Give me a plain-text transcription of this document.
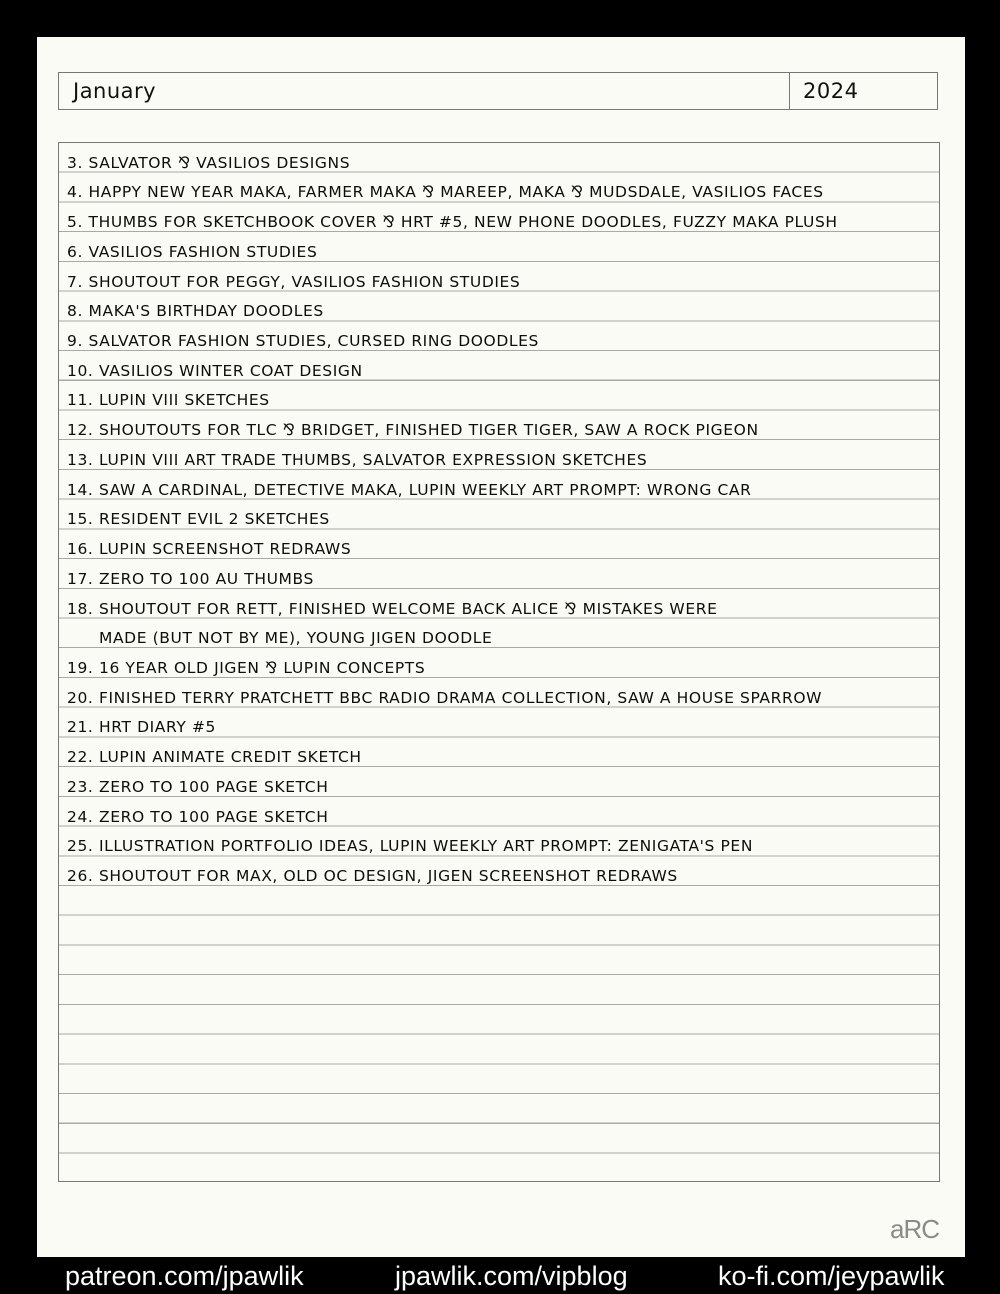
January	2024
3. SALVATOR ⅋ VASILIOS DESIGNS
4. HAPPY NEW YEAR MAKA, FARMER MAKA ⅋ MAREEP, MAKA ⅋ MUDSDALE, VASILIOS FACES
5. THUMBS FOR SKETCHBOOK COVER ⅋ HRT #5, NEW PHONE DOODLES, FUZZY MAKA PLUSH
6. VASILIOS FASHION STUDIES
7. SHOUTOUT FOR PEGGY, VASILIOS FASHION STUDIES
8. MAKA'S BIRTHDAY DOODLES
9. SALVATOR FASHION STUDIES, CURSED RING DOODLES
10. VASILIOS WINTER COAT DESIGN
11. LUPIN VIII SKETCHES
12. SHOUTOUTS FOR TLC ⅋ BRIDGET, FINISHED TIGER TIGER, SAW A ROCK PIGEON
13. LUPIN VIII ART TRADE THUMBS, SALVATOR EXPRESSION SKETCHES
14. SAW A CARDINAL, DETECTIVE MAKA, LUPIN WEEKLY ART PROMPT: WRONG CAR
15. RESIDENT EVIL 2 SKETCHES
16. LUPIN SCREENSHOT REDRAWS
17. ZERO TO 100 AU THUMBS
18. SHOUTOUT FOR RETT, FINISHED WELCOME BACK ALICE ⅋ MISTAKES WERE
MADE (BUT NOT BY ME), YOUNG JIGEN DOODLE
19. 16 YEAR OLD JIGEN ⅋ LUPIN CONCEPTS
20. FINISHED TERRY PRATCHETT BBC RADIO DRAMA COLLECTION, SAW A HOUSE SPARROW
21. HRT DIARY #5
22. LUPIN ANIMATE CREDIT SKETCH
23. ZERO TO 100 PAGE SKETCH
24. ZERO TO 100 PAGE SKETCH
25. ILLUSTRATION PORTFOLIO IDEAS, LUPIN WEEKLY ART PROMPT: ZENIGATA'S PEN
26. SHOUTOUT FOR MAX, OLD OC DESIGN, JIGEN SCREENSHOT REDRAWS
aRC
patreon.com/jpawlik	jpawlik.com/vipblog	ko-fi.com/jeypawlik
